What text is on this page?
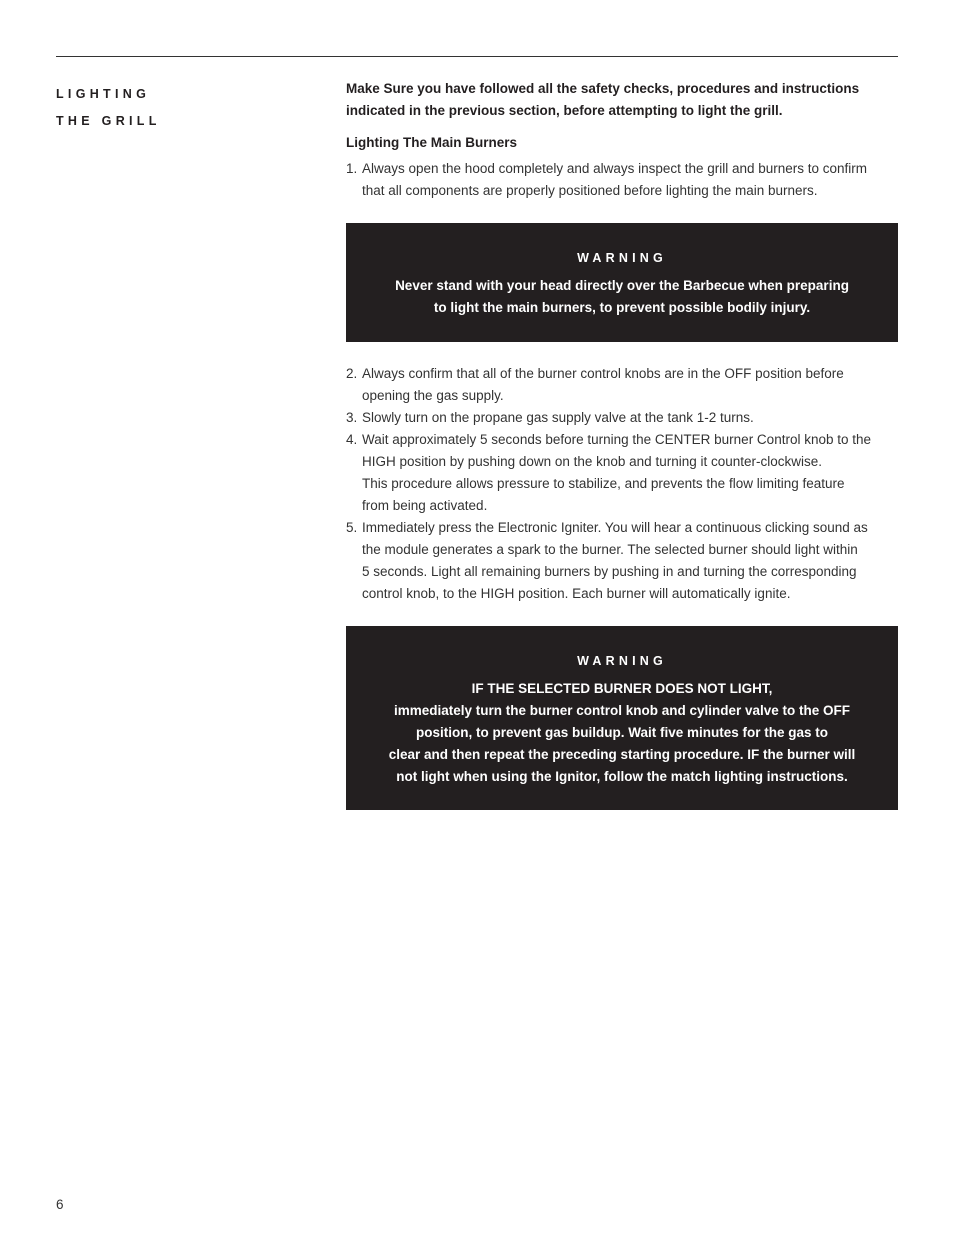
LIGHTING
THE GRILL

Make Sure you have followed all the safety checks, procedures and instructions
indicated in the previous section, before attempting to light the grill.

Lighting The Main Burners
1. Always open the hood completely and always inspect the grill and burners to confirm
that all components are properly positioned before lighting the main burners.
WARNING
Never stand with your head directly over the Barbecue when preparing
to light the main burners, to prevent possible bodily injury.
2. Always confirm that all of the burner control knobs are in the OFF position before
opening the gas supply.
3. Slowly turn on the propane gas supply valve at the tank 1-2 turns.
4. Wait approximately 5 seconds before turning the CENTER burner Control knob to the
HIGH position by pushing down on the knob and turning it counter-clockwise.
This procedure allows pressure to stabilize, and prevents the flow limiting feature
from being activated.
5. Immediately press the Electronic Igniter. You will hear a continuous clicking sound as
the module generates a spark to the burner. The selected burner should light within
5 seconds. Light all remaining burners by pushing in and turning the corresponding
control knob, to the HIGH position. Each burner will automatically ignite.
WARNING
IF THE SELECTED BURNER DOES NOT LIGHT,
immediately turn the burner control knob and cylinder valve to the OFF
position, to prevent gas buildup. Wait five minutes for the gas to
clear and then repeat the preceding starting procedure. IF the burner will
not light when using the Ignitor, follow the match lighting instructions.
6
